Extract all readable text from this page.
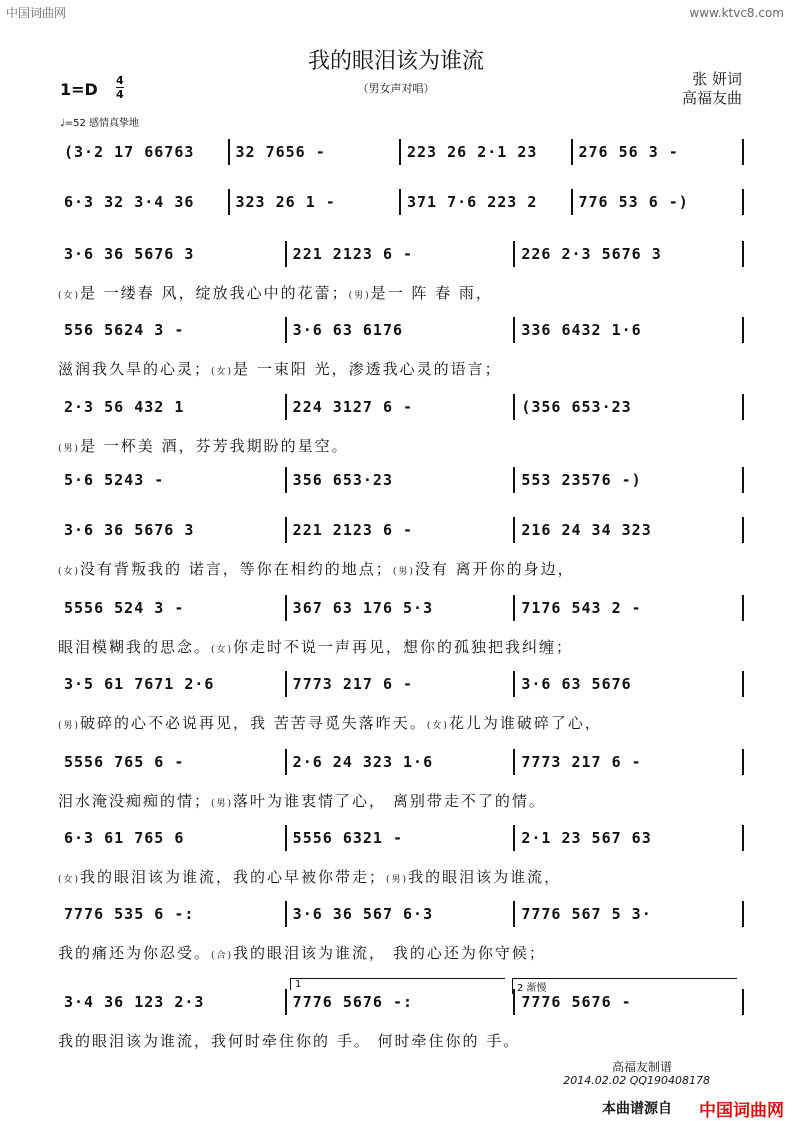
中国词曲网	www.ktvc8.com
我的眼泪该为谁流
（男女声对唱）
1=D 4
4
张 妍词
高福友曲
♩=52 感情真挚地
(3·2 17 66763	32 7656 -	223 26 2·1 23	276 56 3 -
6·3 32 3·4 36	323 26 1 -	371 7·6 223 2	776 53 6 -)
3·6 36 5676 3	221 2123 6 -	226 2·3 5676 3
(女)是 一缕春 风，绽放我心中的花蕾；(男)是一 阵 春 雨，
556 5624 3 -	3·6 63 6176	336 6432 1·6
滋润我久旱的心灵；(女)是 一束阳 光，渗透我心灵的语言；
2·3 56 432 1	224 3127 6 -	(356 653·23
(男)是 一杯美 酒，芬芳我期盼的星空。
5·6 5243 -	356 653·23	553 23576 -)
3·6 36 5676 3	221 2123 6 -	216 24 34 323
(女)没有背叛我的 诺言，等你在相约的地点；(男)没有 离开你的身边，
5556 524 3 -	367 63 176 5·3	7176 543 2 -
眼泪模糊我的思念。(女)你走时不说一声再见，想你的孤独把我纠缠；
3·5 61 7671 2·6	7773 217 6 -	3·6 63 5676
(男)破碎的心不必说再见，我 苦苦寻觅失落昨天。(女)花儿为谁破碎了心，
5556 765 6 -	2·6 24 323 1·6	7773 217 6 -
泪水淹没痴痴的情；(男)落叶为谁衷情了心， 离别带走不了的情。
6·3 61 765 6	5556 6321 -	2·1 23 567 63
(女)我的眼泪该为谁流，我的心早被你带走；(男)我的眼泪该为谁流，
7776 535 6 -:	3·6 36 567 6·3	7776 567 5 3·
我的痛还为你忍受。(合)我的眼泪该为谁流， 我的心还为你守候；
3·4 36 123 2·3	7776 5676 -:	7776 5676 -
我的眼泪该为谁流，我何时牵住你的 手。 何时牵住你的 手。
1	2 渐慢
高福友制谱
2014.02.02 QQ190408178
本曲谱源自 中国词曲网
